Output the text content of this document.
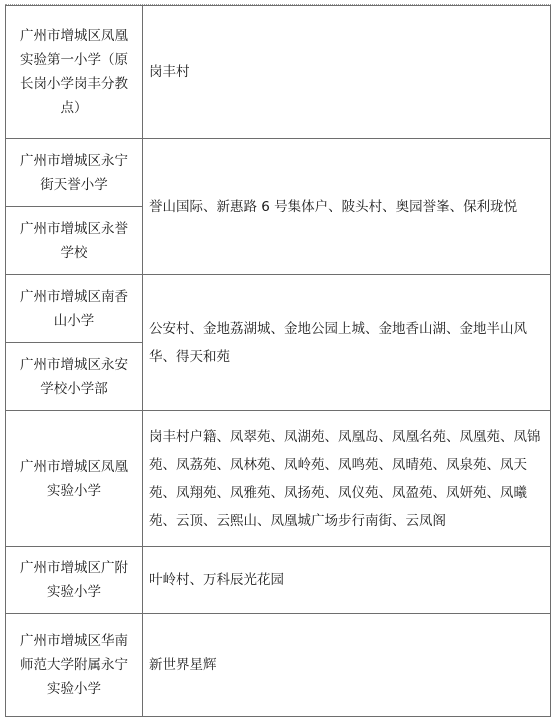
广州市增城区凤凰实验第一小学（原长岗小学岗丰分教点）	岗丰村

广州市增城区永宁街天誉小学	誉山国际、新惠路 6 号集体户、陂头村、奥园誉峯、保利珑悦

广州市增城区永誉学校	

广州市增城区南香山小学	公安村、金地荔湖城、金地公园上城、金地香山湖、金地半山风华、得天和苑

广州市增城区永安学校小学部	

广州市增城区凤凰实验小学	岗丰村户籍、凤翠苑、凤湖苑、凤凰岛、凤凰名苑、凤凰苑、凤锦苑、凤荔苑、凤林苑、凤岭苑、凤鸣苑、凤晴苑、凤泉苑、凤天苑、凤翔苑、凤雅苑、凤扬苑、凤仪苑、凤盈苑、凤妍苑、凤曦苑、云顶、云熙山、凤凰城广场步行南街、云凤阁

广州市增城区广附实验小学	叶岭村、万科辰光花园

广州市增城区华南师范大学附属永宁实验小学	新世界星辉
